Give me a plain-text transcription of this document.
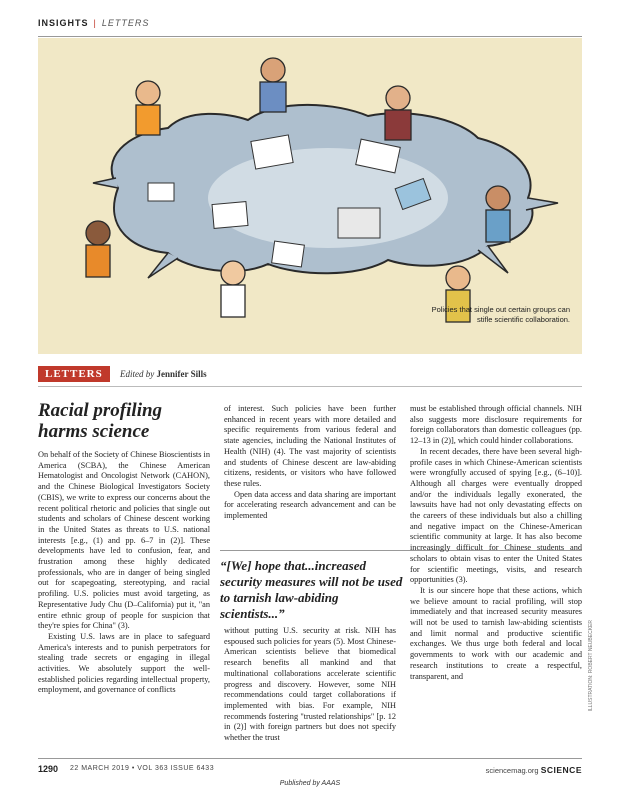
INSIGHTS | LETTERS
Policies that single out certain groups can stifle scientific collaboration.
LETTERS	Edited by Jennifer Sills
Racial profiling harms science

On behalf of the Society of Chinese Bioscientists in America (SCBA), the Chinese American Hematologist and Oncologist Network (CAHON), and the Chinese Biological Investigators Society (CBIS), we write to express our concerns about the recent political rhetoric and policies that single out students and scholars of Chinese descent working in the United States as threats to U.S. national interests [e.g., (1) and pp. 6–7 in (2)]. These developments have led to confusion, fear, and frustration among these highly dedicated professionals, who are in danger of being singled out for scapegoating, stereotyping, and racial profiling. U.S. policies must avoid targeting, as Representative Judy Chu (D–California) put it, "an entire ethnic group of people for suspicion that they're spies for China" (3).

Existing U.S. laws are in place to safeguard America's interests and to punish perpetrators for stealing trade secrets or engaging in illegal activities. We absolutely support the well-established policies regarding intellectual property, employment, and governance of conflicts

of interest. Such policies have been further enhanced in recent years with more detailed and specific requirements from various federal and state agencies, including the National Institutes of Health (NIH) (4). The vast majority of scientists and students of Chinese descent are law-abiding citizens, residents, or visitors who have followed these rules.

Open data access and data sharing are important for accelerating research advancement and can be implemented

“[We] hope that...increased security measures will not be used to tarnish law-abiding scientists...”

without putting U.S. security at risk. NIH has espoused such policies for years (5). Most Chinese-American scientists believe that biomedical research benefits all mankind and that multinational collaborations accelerate scientific progress and discovery. However, some NIH recommendations could target collaborations if implemented with bias. For example, NIH recommends fostering "trusted relationships" [p. 12 in (2)] with foreign partners but does not specify whether the trust

must be established through official channels. NIH also suggests more disclosure requirements for foreign collaborators than domestic colleagues (pp. 12–13 in (2)], which could hinder collaborations.

In recent decades, there have been several high-profile cases in which Chinese-American scientists were wrongfully accused of spying [e.g., (6–10)]. Although all charges were eventually dropped and/or the individuals legally exonerated, the lawsuits have had not only devastating effects on the careers of these individuals but also a chilling and negative impact on the Chinese-American scientific community at large. It has also become increasingly difficult for Chinese students and scholars to obtain visas to enter the United States for scientific meetings, visits, and research opportunities (3).

It is our sincere hope that these actions, which we believe amount to racial profiling, will stop immediately and that increased security measures will not be used to tarnish law-abiding scientists and limit normal and productive scientific exchanges. We thus urge both federal and local governments to work with our academic and research institutions to create a respectful, transparent, and	ILLUSTRATION: ROBERT NEUBECKER
1290 22 MARCH 2019 • VOL 363 ISSUE 6433	sciencemag.org SCIENCE
Published by AAAS
